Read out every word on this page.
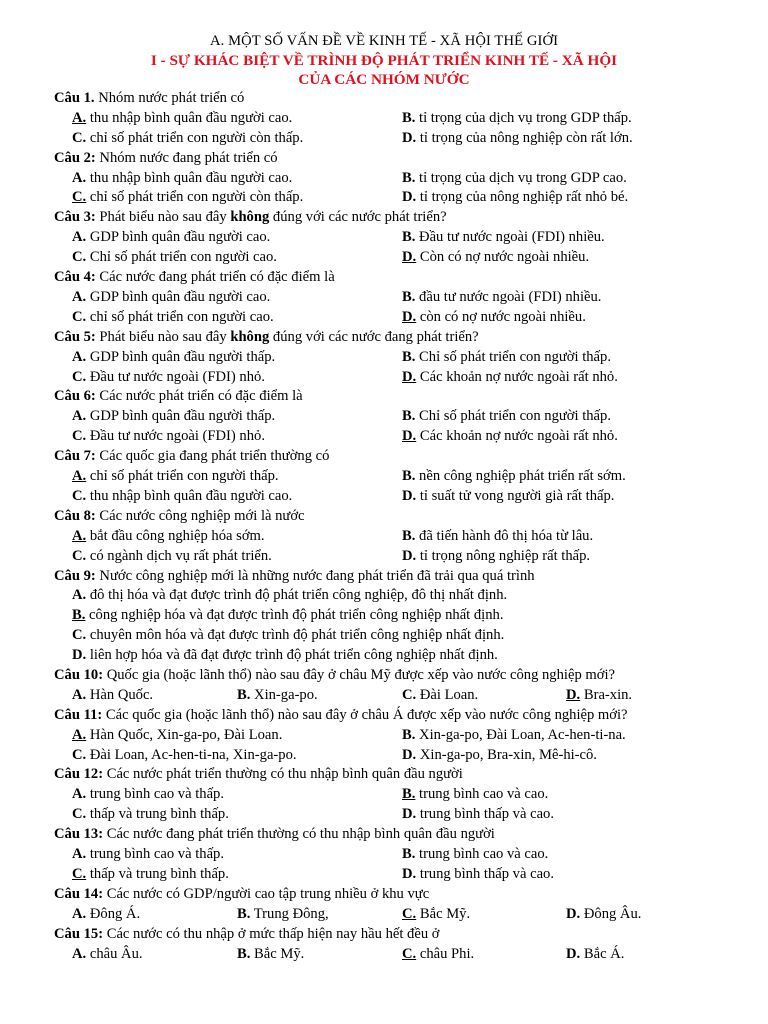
A. MỘT SỐ VẤN ĐỀ VỀ KINH TẾ - XÃ HỘI THẾ GIỚI
I - SỰ KHÁC BIỆT VỀ TRÌNH ĐỘ PHÁT TRIỂN KINH TẾ - XÃ HỘI
CỦA CÁC NHÓM NƯỚC
Câu 1. Nhóm nước phát triển có
A. thu nhập bình quân đầu người cao.	B. tỉ trọng của dịch vụ trong GDP thấp.
C. chỉ số phát triển con người còn thấp.	D. tỉ trọng của nông nghiệp còn rất lớn.
Câu 2: Nhóm nước đang phát triển có
A. thu nhập bình quân đầu người cao.	B. tỉ trọng của dịch vụ trong GDP cao.
C. chỉ số phát triển con người còn thấp.	D. tỉ trọng của nông nghiệp rất nhỏ bé.
Câu 3: Phát biểu nào sau đây không đúng với các nước phát triển?
A. GDP bình quân đầu người cao.	B. Đầu tư nước ngoài (FDI) nhiều.
C. Chỉ số phát triển con người cao.	D. Còn có nợ nước ngoài nhiều.
Câu 4: Các nước đang phát triển có đặc điểm là
A. GDP bình quân đầu người cao.	B. đầu tư nước ngoài (FDI) nhiều.
C. chỉ số phát triển con người cao.	D. còn có nợ nước ngoài nhiều.
Câu 5: Phát biểu nào sau đây không đúng với các nước đang phát triển?
A. GDP bình quân đầu người thấp.	B. Chỉ số phát triển con người thấp.
C. Đầu tư nước ngoài (FDI) nhỏ.	D. Các khoản nợ nước ngoài rất nhỏ.
Câu 6: Các nước phát triển có đặc điểm là
A. GDP bình quân đầu người thấp.	B. Chỉ số phát triển con người thấp.
C. Đầu tư nước ngoài (FDI) nhỏ.	D. Các khoản nợ nước ngoài rất nhỏ.
Câu 7: Các quốc gia đang phát triển thường có
A. chỉ số phát triển con người thấp.	B. nền công nghiệp phát triển rất sớm.
C. thu nhập bình quân đầu người cao.	D. tỉ suất tử vong người già rất thấp.
Câu 8: Các nước công nghiệp mới là nước
A. bắt đầu công nghiệp hóa sớm.	B. đã tiến hành đô thị hóa từ lâu.
C. có ngành dịch vụ rất phát triển.	D. tỉ trọng nông nghiệp rất thấp.
Câu 9: Nước công nghiệp mới là những nước đang phát triển đã trải qua quá trình
A. đô thị hóa và đạt được trình độ phát triển công nghiệp, đô thị nhất định.
B. công nghiệp hóa và đạt được trình độ phát triển công nghiệp nhất định.
C. chuyên môn hóa và đạt được trình độ phát triển công nghiệp nhất định.
D. liên hợp hóa và đã đạt được trình độ phát triển công nghiệp nhất định.
Câu 10: Quốc gia (hoặc lãnh thổ) nào sau đây ở châu Mỹ được xếp vào nước công nghiệp mới?
A. Hàn Quốc.	B. Xin-ga-po.	C. Đài Loan.	D. Bra-xin.
Câu 11: Các quốc gia (hoặc lãnh thổ) nào sau đây ở châu Á được xếp vào nước công nghiệp mới?
A. Hàn Quốc, Xin-ga-po, Đài Loan.	B. Xin-ga-po, Đài Loan, Ac-hen-ti-na.
C. Đài Loan, Ac-hen-ti-na, Xin-ga-po.	D. Xin-ga-po, Bra-xin, Mê-hi-cô.
Câu 12: Các nước phát triển thường có thu nhập bình quân đầu người
A. trung bình cao và thấp.	B. trung bình cao và cao.
C. thấp và trung bình thấp.	D. trung bình thấp và cao.
Câu 13: Các nước đang phát triển thường có thu nhập bình quân đầu người
A. trung bình cao và thấp.	B. trung bình cao và cao.
C. thấp và trung bình thấp.	D. trung bình thấp và cao.
Câu 14: Các nước có GDP/người cao tập trung nhiều ở khu vực
A. Đông Á.	B. Trung Đông,	C. Bắc Mỹ.	D. Đông Âu.
Câu 15: Các nước có thu nhập ở mức thấp hiện nay hầu hết đều ở
A. châu Âu.	B. Bắc Mỹ.	C. châu Phi.	D. Bắc Á.
